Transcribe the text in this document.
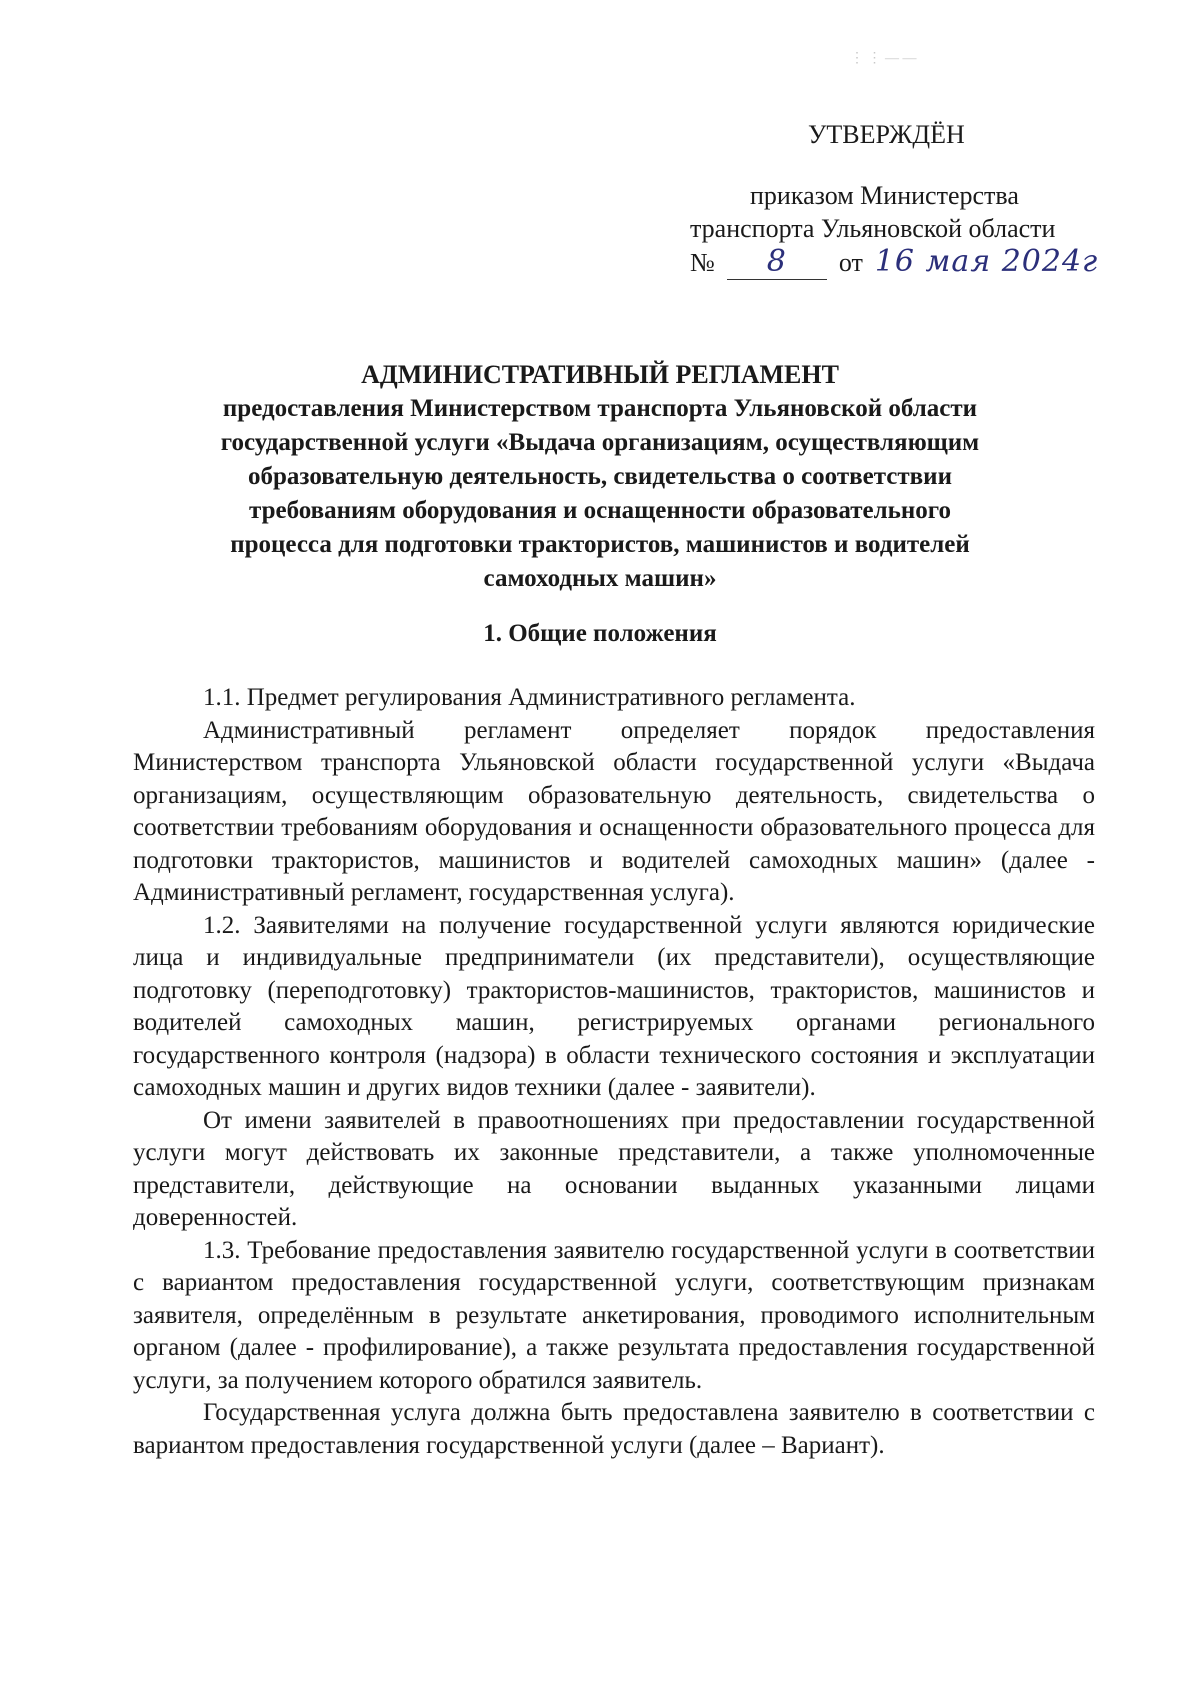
⋮ ⋮ — —
УТВЕРЖДЁН
приказом Министерства
транспорта Ульяновской области
№	8	от 16 мая 2024г
АДМИНИСТРАТИВНЫЙ РЕГЛАМЕНТ
предоставления Министерством транспорта Ульяновской области
государственной услуги «Выдача организациям, осуществляющим
образовательную деятельность, свидетельства о соответствии
требованиям оборудования и оснащенности образовательного
процесса для подготовки трактористов, машинистов и водителей
самоходных машин»
1. Общие положения

1.1. Предмет регулирования Административного регламента.

Административный регламент определяет порядок предоставления Министерством транспорта Ульяновской области государственной услуги «Выдача организациям, осуществляющим образовательную деятельность, свидетельства о соответствии требованиям оборудования и оснащенности образовательного процесса для подготовки трактористов, машинистов и водителей самоходных машин» (далее - Административный регламент, государственная услуга).

1.2. Заявителями на получение государственной услуги являются юридические лица и индивидуальные предприниматели (их представители), осуществляющие подготовку (переподготовку) трактористов-машинистов, трактористов, машинистов и водителей самоходных машин, регистрируемых органами регионального государственного контроля (надзора) в области технического состояния и эксплуатации самоходных машин и других видов техники (далее - заявители).

От имени заявителей в правоотношениях при предоставлении государственной услуги могут действовать их законные представители, а также уполномоченные представители, действующие на основании выданных указанными лицами доверенностей.

1.3. Требование предоставления заявителю государственной услуги в соответствии с вариантом предоставления государственной услуги, соответствующим признакам заявителя, определённым в результате анкетирования, проводимого исполнительным органом (далее - профилирование), а также результата предоставления государственной услуги, за получением которого обратился заявитель.

Государственная услуга должна быть предоставлена заявителю в соответствии с вариантом предоставления государственной услуги (далее – Вариант).
